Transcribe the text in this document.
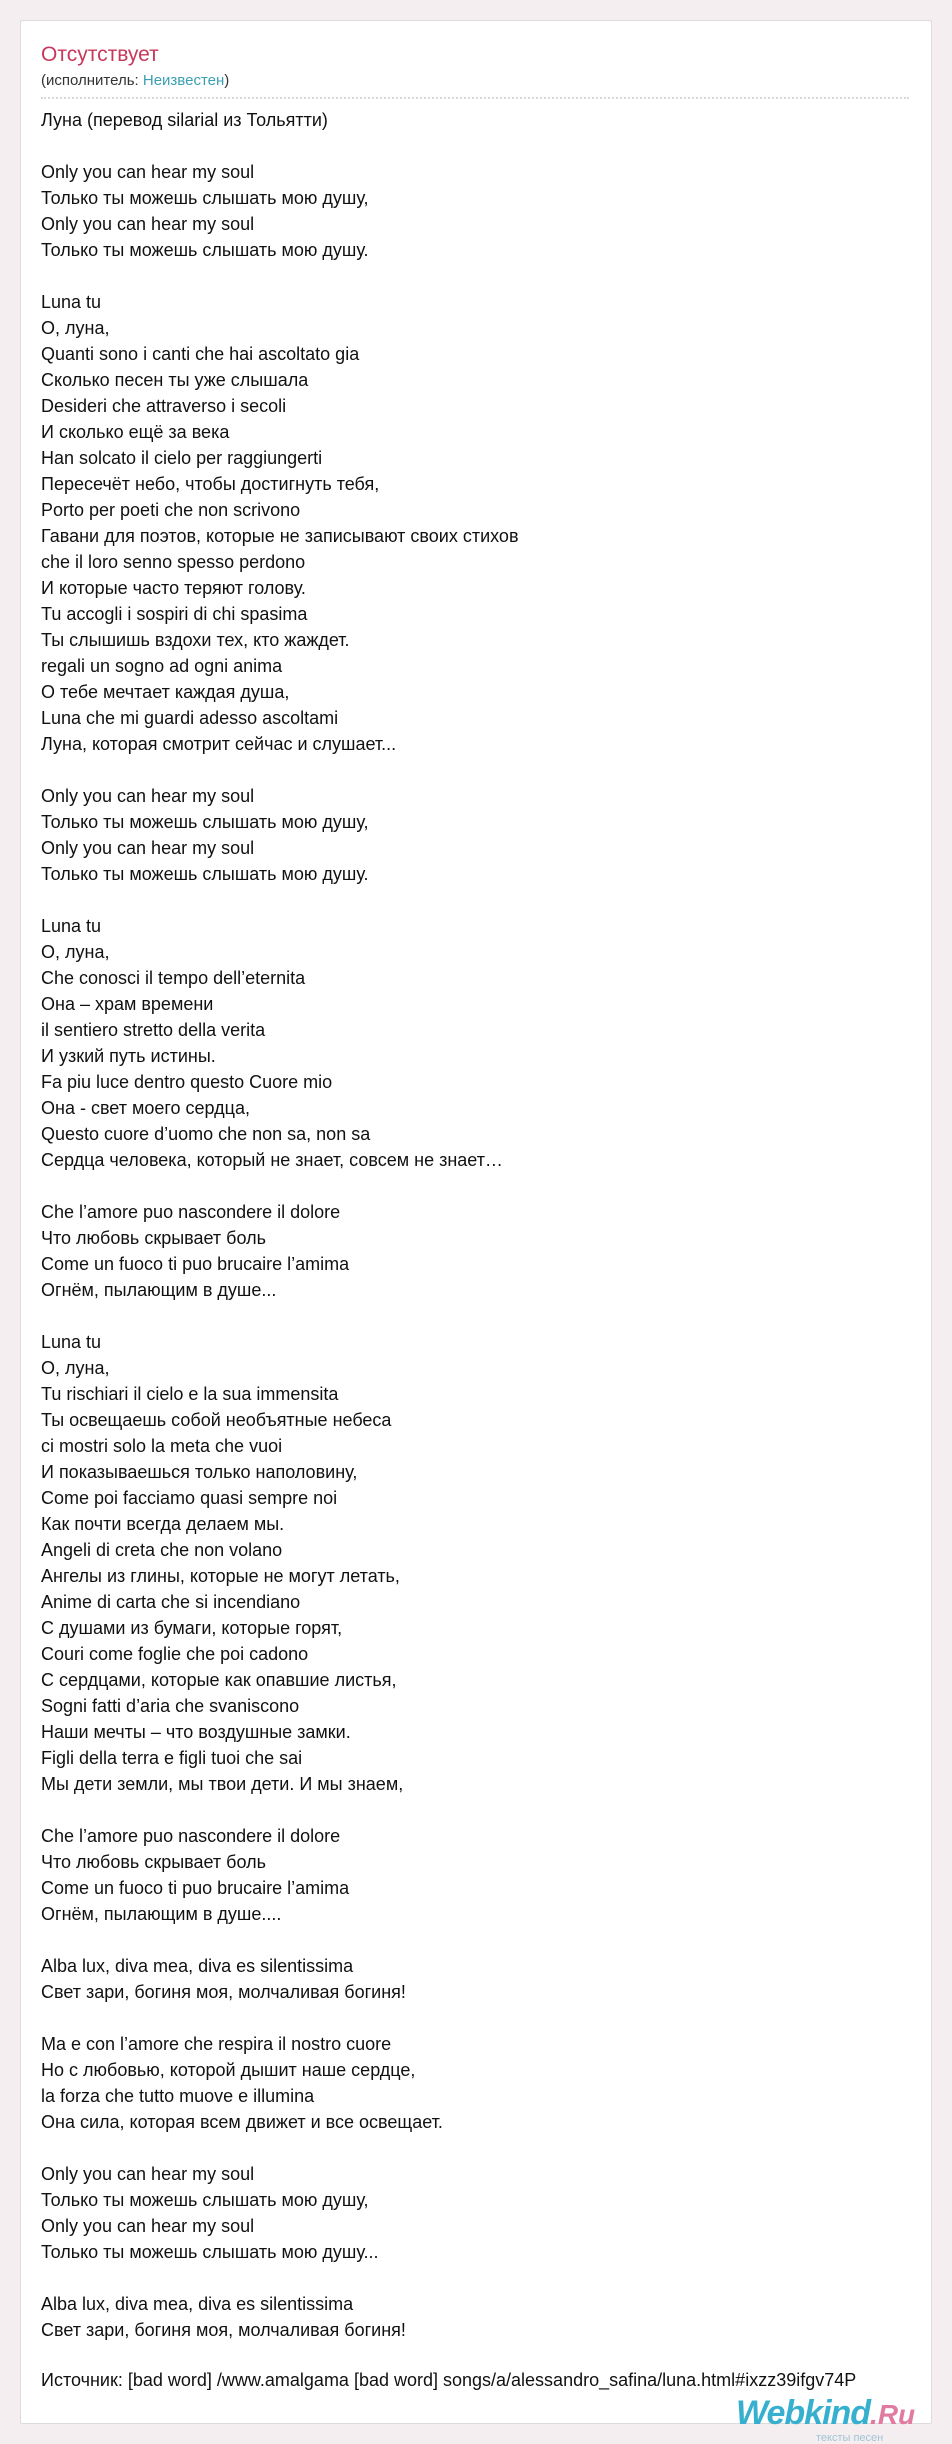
Отсутствует
(исполнитель: Неизвестен)
Луна (перевод silarial из Тольятти)
Only you can hear my soul
Только ты можешь слышать мою душу,
Only you can hear my soul
Только ты можешь слышать мою душу.
Luna tu
О, луна,
Quanti sono i canti che hai ascoltato gia
Сколько песен ты уже слышала
Desideri che attraverso i secoli
И сколько ещё за века
Han solcato il cielo per raggiungerti
Пересечёт небо, чтобы достигнуть тебя,
Porto per poeti che non scrivono
Гавани для поэтов, которые не записывают своих стихов
che il loro senno spesso perdono
И которые часто теряют голову.
Tu accogli i sospiri di chi spasima
Ты слышишь вздохи тех, кто жаждет.
regali un sogno ad ogni anima
О тебе мечтает каждая душа,
Luna che mi guardi adesso ascoltami
Луна, которая смотрит сейчас и слушает...
Only you can hear my soul
Только ты можешь слышать мою душу,
Only you can hear my soul
Только ты можешь слышать мою душу.
Luna tu
О, луна,
Che conosci il tempo dell’eternita
Она – храм времени
il sentiero stretto della verita
И узкий путь истины.
Fa piu luce dentro questo Cuore mio
Она - свет моего сердца,
Questo cuore d’uomo che non sa, non sa
Сердца человека, который не знает, совсем не знает…
Che l’amore puo nascondere il dolore
Что любовь скрывает боль
Come un fuoco ti puo brucaire l’amima
Огнём, пылающим в душе...
Luna tu
О, луна,
Tu rischiari il cielo e la sua immensita
Ты освещаешь собой необъятные небеса
ci mostri solo la meta che vuoi
И показываешься только наполовину,
Come poi facciamo quasi sempre noi
Как почти всегда делаем мы.
Angeli di creta che non volano
Ангелы из глины, которые не могут летать,
Anime di carta che si incendiano
С душами из бумаги, которые горят,
Couri come foglie che poi cadono
С сердцами, которые как опавшие листья,
Sogni fatti d’aria che svaniscono
Наши мечты – что воздушные замки.
Figli della terra e figli tuoi che sai
Мы дети земли, мы твои дети. И мы знаем,
Che l’amore puo nascondere il dolore
Что любовь скрывает боль
Come un fuoco ti puo brucaire l’amima
Огнём, пылающим в душе....
Alba lux, diva mea, diva es silentissima
Свет зари, богиня моя, молчаливая богиня!
Ma e con l’amore che respira il nostro cuore
Но с любовью, которой дышит наше сердце,
la forza che tutto muove e illumina
Она сила, которая всем движет и все освещает.
Only you can hear my soul
Только ты можешь слышать мою душу,
Only you can hear my soul
Только ты можешь слышать мою душу...
Alba lux, diva mea, diva es silentissima
Свет зари, богиня моя, молчаливая богиня!
Источник: [bad word] /www.amalgama [bad word] songs/a/alessandro_safina/luna.html#ixzz39ifgv74P
Webkind.Ru
тексты песен
